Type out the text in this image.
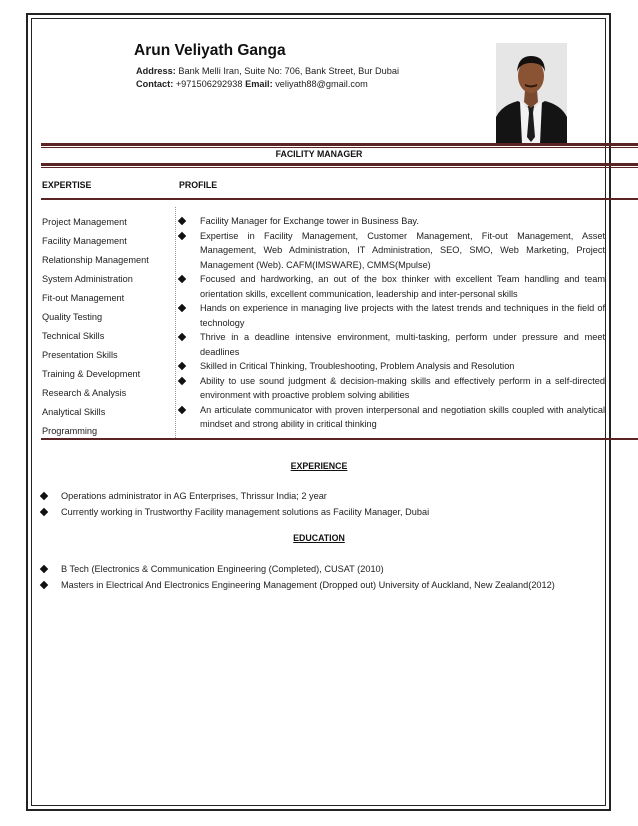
Arun Veliyath Ganga
Address: Bank Melli Iran, Suite No: 706, Bank Street, Bur Dubai
Contact: +971506292938 Email: veliyath88@gmail.com
FACILITY MANAGER
EXPERTISE	PROFILE
Project Management
Facility Management
Relationship Management
System Administration
Fit-out Management
Quality Testing
Technical Skills
Presentation Skills
Training & Development
Research & Analysis
Analytical Skills
Programming
Facility Manager for Exchange tower in Business Bay.
Expertise in Facility Management, Customer Management, Fit-out Management, Asset Management, Web Administration, IT Administration, SEO, SMO, Web Marketing, Project Management (Web). CAFM(IMSWARE), CMMS(Mpulse)
Focused and hardworking, an out of the box thinker with excellent Team handling and team orientation skills, excellent communication, leadership and inter-personal skills
Hands on experience in managing live projects with the latest trends and techniques in the field of technology
Thrive in a deadline intensive environment, multi-tasking, perform under pressure and meet deadlines
Skilled in Critical Thinking, Troubleshooting, Problem Analysis and Resolution
Ability to use sound judgment & decision-making skills and effectively perform in a self-directed environment with proactive problem solving abilities
An articulate communicator with proven interpersonal and negotiation skills coupled with analytical mindset and strong ability in critical thinking
EXPERIENCE
Operations administrator in AG Enterprises, Thrissur India; 2 year
Currently working in Trustworthy Facility management solutions as Facility Manager, Dubai
EDUCATION
B Tech (Electronics & Communication Engineering (Completed), CUSAT (2010)
Masters in Electrical And Electronics Engineering Management (Dropped out) University of Auckland, New Zealand(2012)
